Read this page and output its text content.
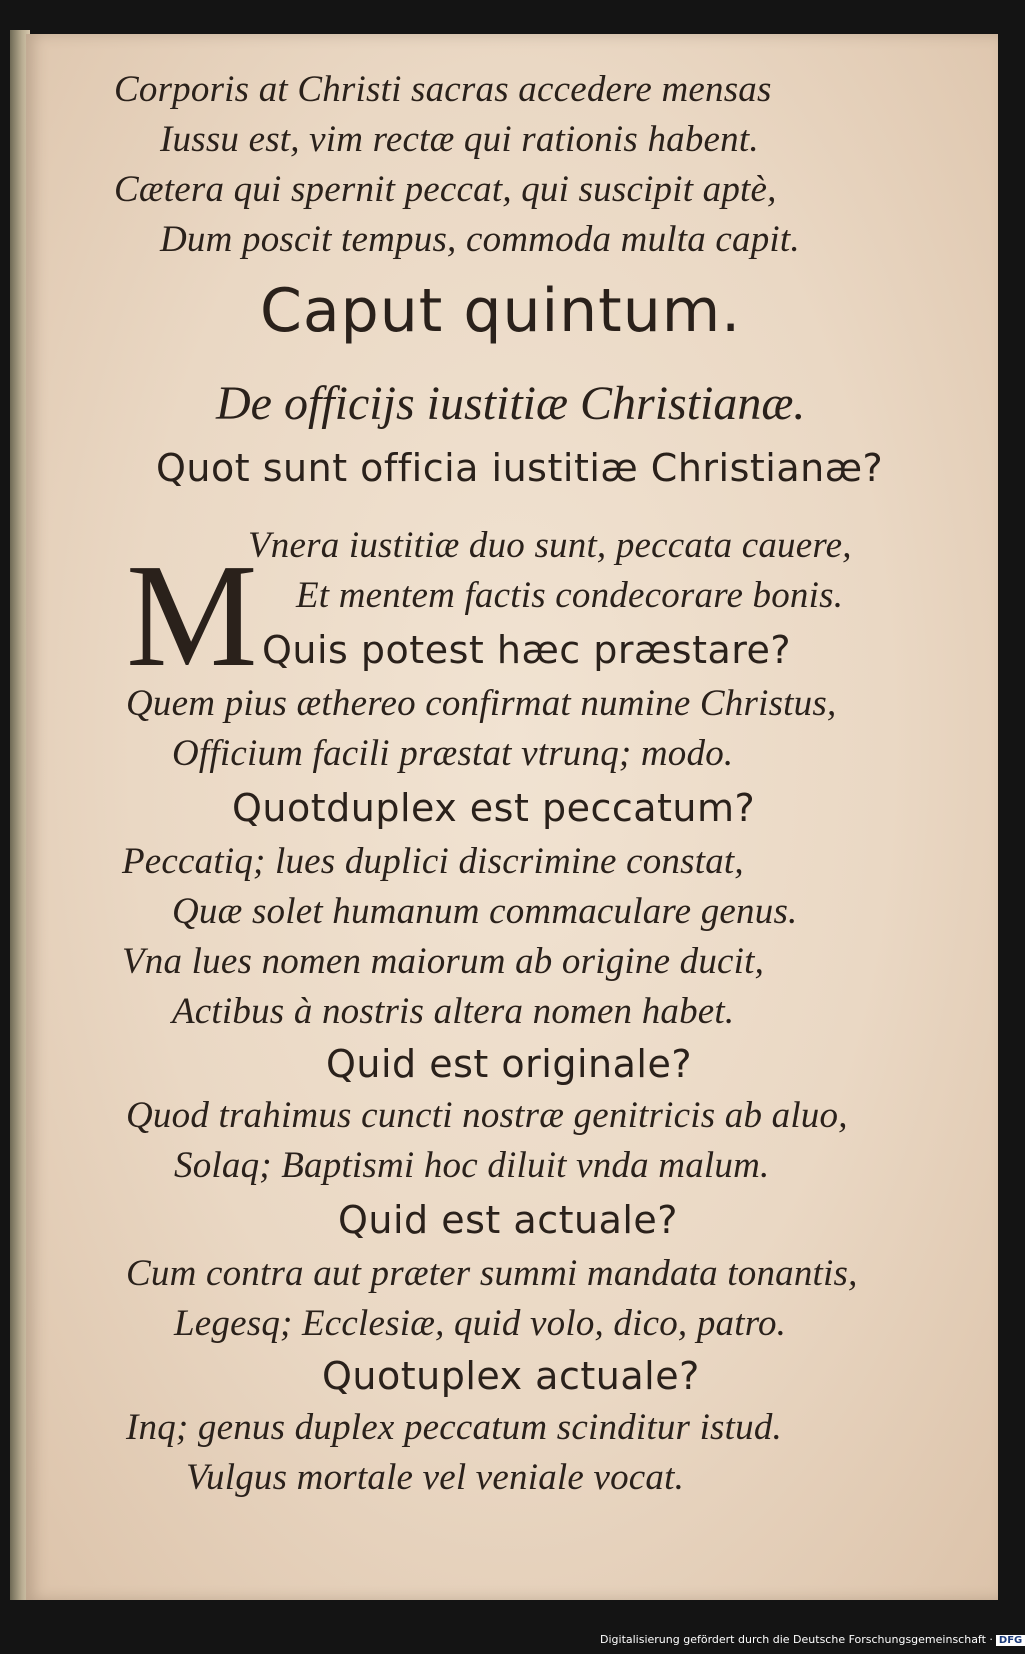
Corporis at Christi sacras accedere mensas

Iussu est, vim rectæ qui rationis habent.

Cætera qui spernit peccat, qui suscipit aptè,

Dum poscit tempus, commoda multa capit.

Caput quintum.

De officijs iustitiæ Christianæ.

Quot sunt officia iustitiæ Christianæ?

M

Vnera iustitiæ duo sunt, peccata cauere,

Et mentem factis condecorare bonis.

Quis potest hæc præstare?

Quem pius æthereo confirmat numine Christus,

Officium facili præstat vtrunq; modo.

Quotduplex est peccatum?

Peccatiq; lues duplici discrimine constat,

Quæ solet humanum commaculare genus.

Vna lues nomen maiorum ab origine ducit,

Actibus à nostris altera nomen habet.

Quid est originale?

Quod trahimus cuncti nostræ genitricis ab aluo,

Solaq; Baptismi hoc diluit vnda malum.

Quid est actuale?

Cum contra aut præter summi mandata tonantis,

Legesq; Ecclesiæ, quid volo, dico, patro.

Quotuplex actuale?

Inq; genus duplex peccatum scinditur istud.

Vulgus mortale vel veniale vocat.

Digitalisierung gefördert durch die Deutsche Forschungsgemeinschaft · DFG
